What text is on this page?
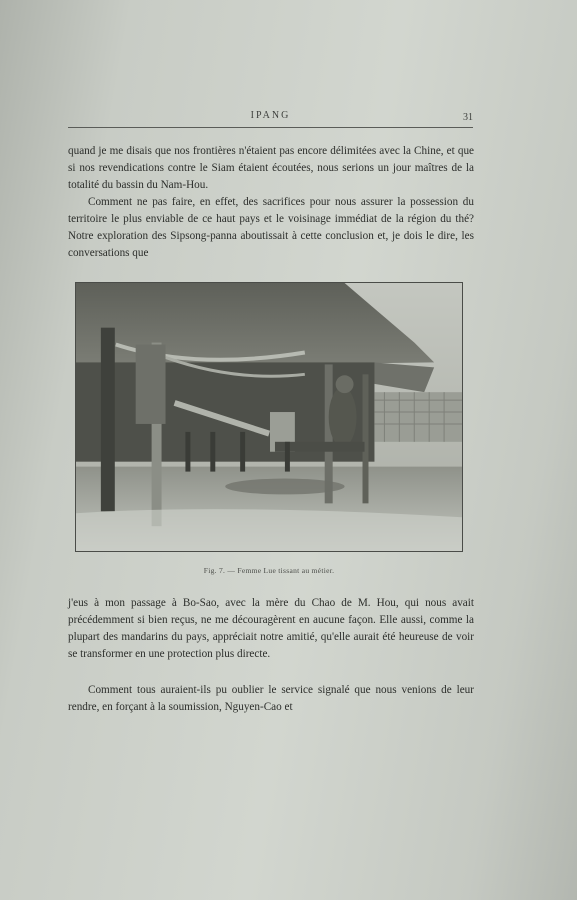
IPANG	31

quand je me disais que nos frontières n'étaient pas encore délimitées avec la Chine, et que si nos revendications contre le Siam étaient écoutées, nous serions un jour maîtres de la totalité du bassin du Nam-Hou.

Comment ne pas faire, en effet, des sacrifices pour nous assurer la possession du territoire le plus enviable de ce haut pays et le voisinage immédiat de la région du thé? Notre exploration des Sipsong-panna aboutissait à cette conclusion et, je dois le dire, les conversations que

Fig. 7. — Femme Lue tissant au métier.

j'eus à mon passage à Bo-Sao, avec la mère du Chao de M. Hou, qui nous avait précédemment si bien reçus, ne me découragèrent en aucune façon. Elle aussi, comme la plupart des mandarins du pays, appréciait notre amitié, qu'elle aurait été heureuse de voir se transformer en une protection plus directe.

Comment tous auraient-ils pu oublier le service signalé que nous venions de leur rendre, en forçant à la soumission, Nguyen-Cao et
